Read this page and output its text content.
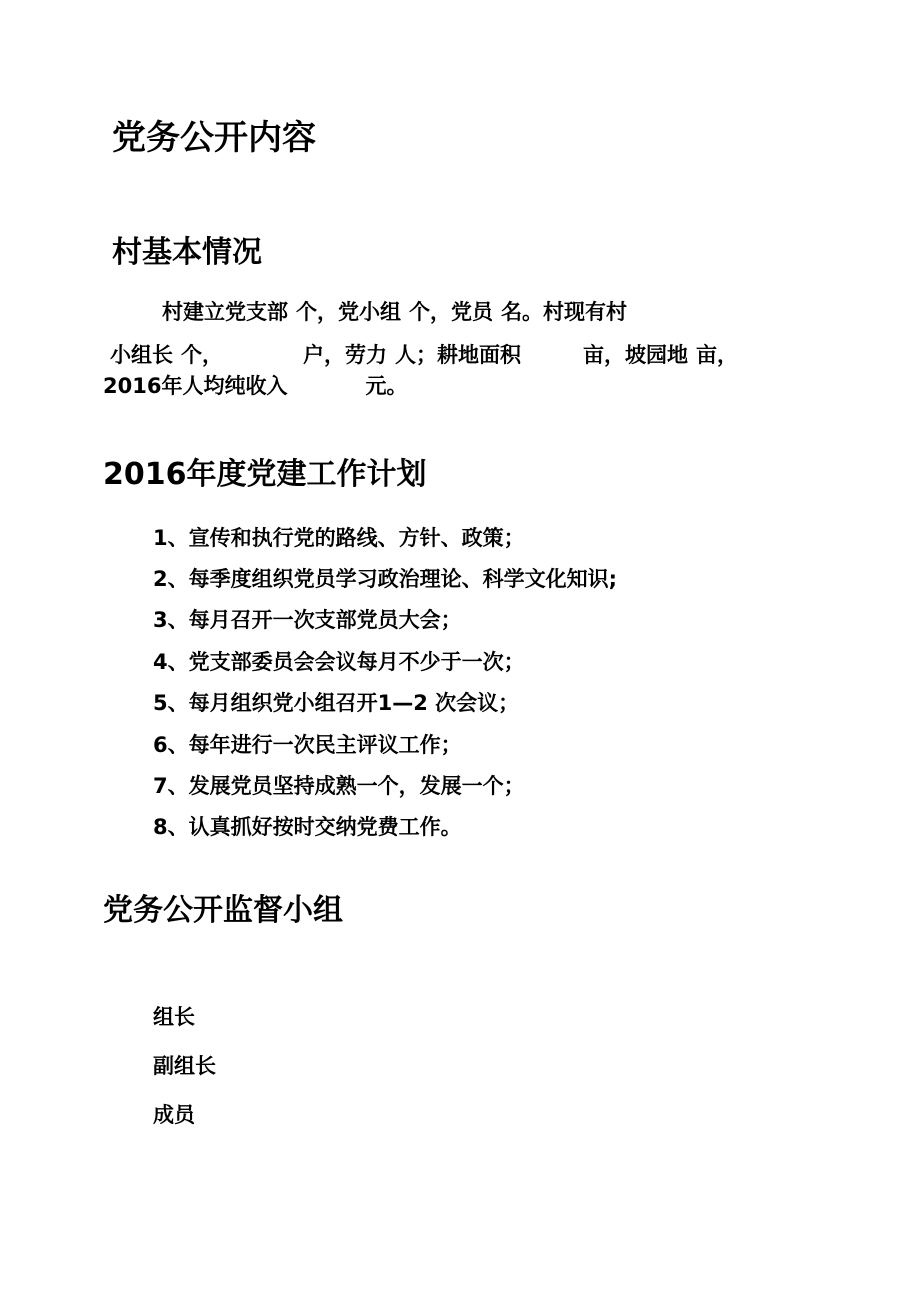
党务公开内容
村基本情况
村建立党支部 个，党小组 个，党员 名。村现有村
小组长 个，	户，劳力 人；耕地面积	亩，坡园地 亩，
2016年人均纯收入	元。
2016年度党建工作计划
1、宣传和执行党的路线、方针、政策；
2、每季度组织党员学习政治理论、科学文化知识;
3、每月召开一次支部党员大会；
4、党支部委员会会议每月不少于一次；
5、每月组织党小组召开1—2 次会议；
6、每年进行一次民主评议工作；
7、发展党员坚持成熟一个，发展一个；
8、认真抓好按时交纳党费工作。
党务公开监督小组
组长
副组长
成员
